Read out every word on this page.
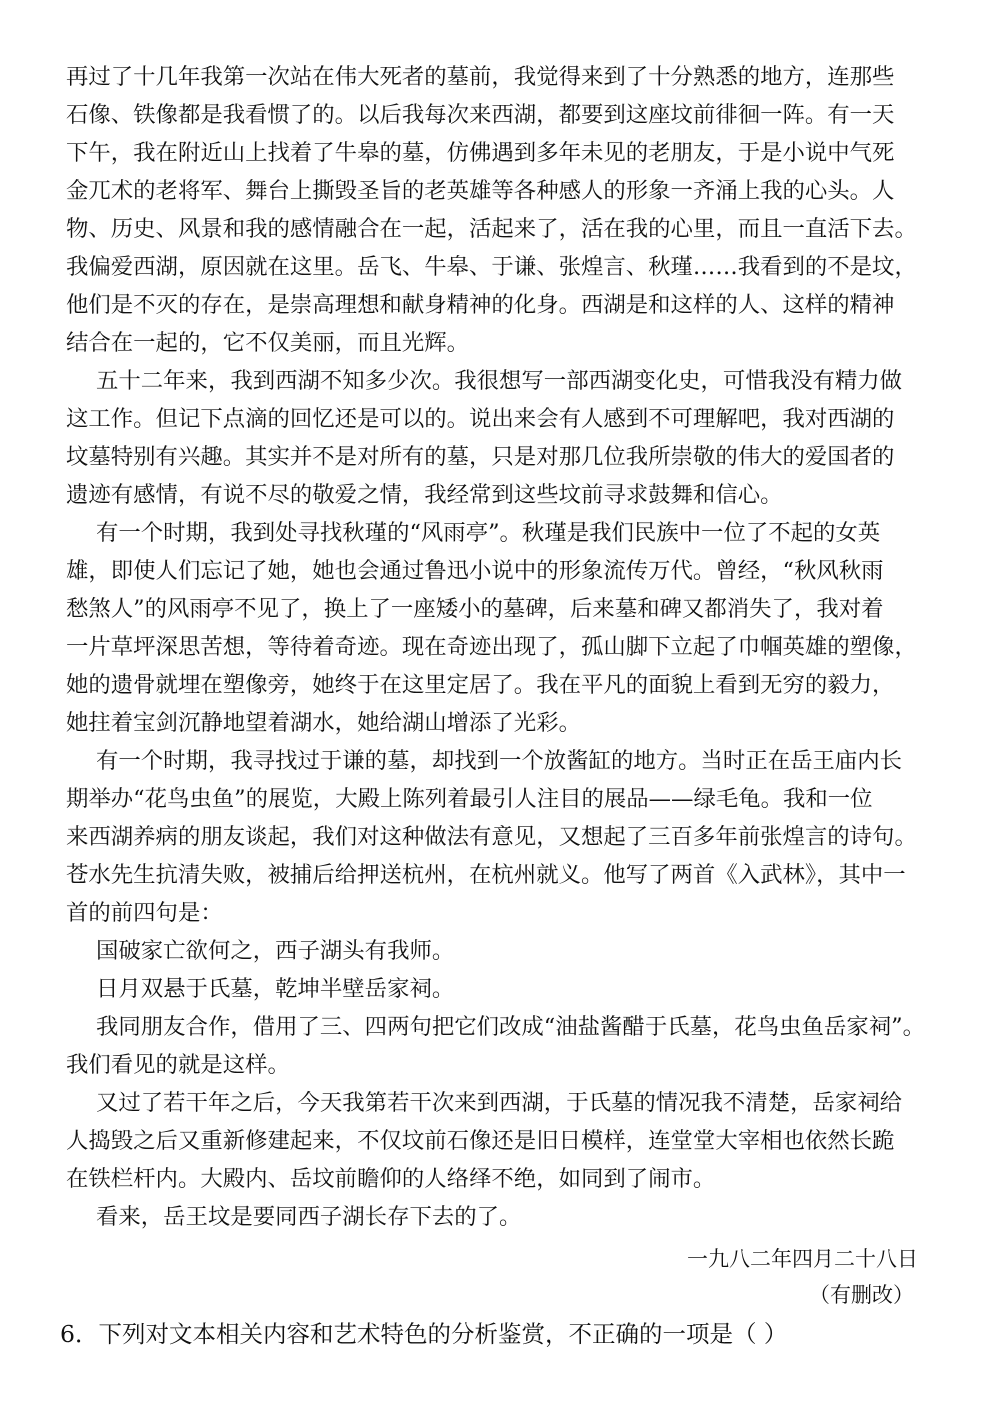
再过了十几年我第一次站在伟大死者的墓前，我觉得来到了十分熟悉的地方，连那些
石像、铁像都是我看惯了的。以后我每次来西湖，都要到这座坟前徘徊一阵。有一天
下午，我在附近山上找着了牛皋的墓，仿佛遇到多年未见的老朋友，于是小说中气死
金兀术的老将军、舞台上撕毁圣旨的老英雄等各种感人的形象一齐涌上我的心头。人
物、历史、风景和我的感情融合在一起，活起来了，活在我的心里，而且一直活下去。
我偏爱西湖，原因就在这里。岳飞、牛皋、于谦、张煌言、秋瑾……我看到的不是坟，
他们是不灭的存在，是崇高理想和献身精神的化身。西湖是和这样的人、这样的精神
结合在一起的，它不仅美丽，而且光辉。
五十二年来，我到西湖不知多少次。我很想写一部西湖变化史，可惜我没有精力做
这工作。但记下点滴的回忆还是可以的。说出来会有人感到不可理解吧，我对西湖的
坟墓特别有兴趣。其实并不是对所有的墓，只是对那几位我所崇敬的伟大的爱国者的
遗迹有感情，有说不尽的敬爱之情，我经常到这些坟前寻求鼓舞和信心。
有一个时期，我到处寻找秋瑾的“风雨亭”。秋瑾是我们民族中一位了不起的女英
雄，即使人们忘记了她，她也会通过鲁迅小说中的形象流传万代。曾经，“秋风秋雨
愁煞人”的风雨亭不见了，换上了一座矮小的墓碑，后来墓和碑又都消失了，我对着
一片草坪深思苦想，等待着奇迹。现在奇迹出现了，孤山脚下立起了巾帼英雄的塑像，
她的遗骨就埋在塑像旁，她终于在这里定居了。我在平凡的面貌上看到无穷的毅力，
她拄着宝剑沉静地望着湖水，她给湖山增添了光彩。
有一个时期，我寻找过于谦的墓，却找到一个放酱缸的地方。当时正在岳王庙内长
期举办“花鸟虫鱼”的展览，大殿上陈列着最引人注目的展品——绿毛龟。我和一位
来西湖养病的朋友谈起，我们对这种做法有意见，又想起了三百多年前张煌言的诗句。
苍水先生抗清失败，被捕后给押送杭州，在杭州就义。他写了两首《入武林》，其中一
首的前四句是：
国破家亡欲何之，西子湖头有我师。
日月双悬于氏墓，乾坤半壁岳家祠。
我同朋友合作，借用了三、四两句把它们改成“油盐酱醋于氏墓，花鸟虫鱼岳家祠”。
我们看见的就是这样。
又过了若干年之后，今天我第若干次来到西湖，于氏墓的情况我不清楚，岳家祠给
人捣毁之后又重新修建起来，不仅坟前石像还是旧日模样，连堂堂大宰相也依然长跪
在铁栏杆内。大殿内、岳坟前瞻仰的人络绎不绝，如同到了闹市。
看来，岳王坟是要同西子湖长存下去的了。
一九八二年四月二十八日
（有删改）
6．下列对文本相关内容和艺术特色的分析鉴赏，不正确的一项是（ ）
